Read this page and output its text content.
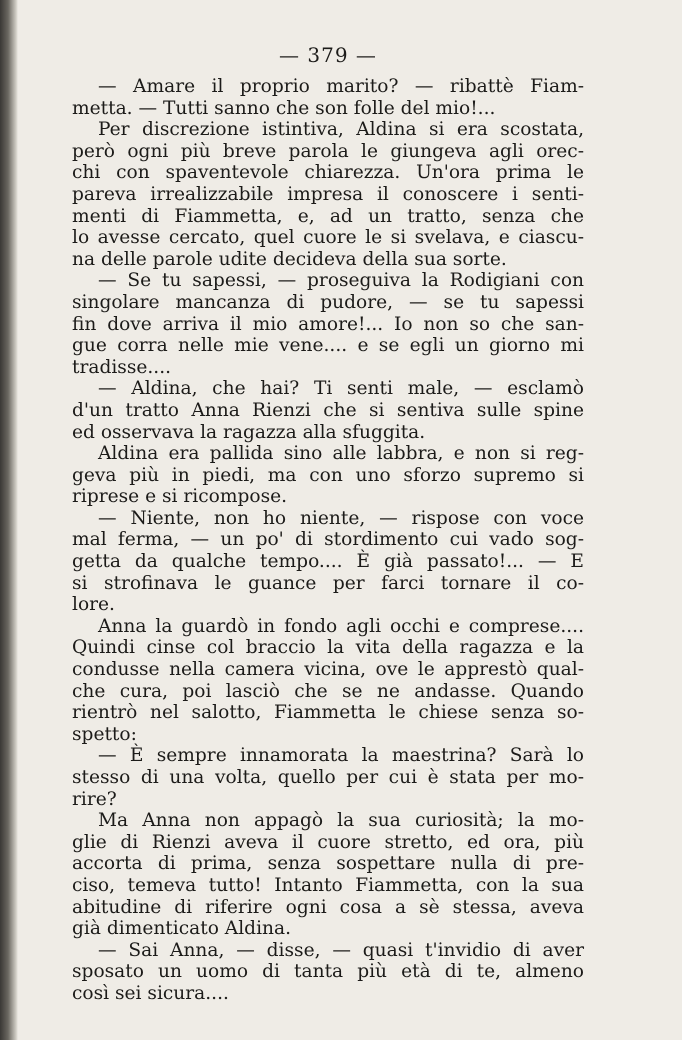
— 379 —
— Amare il proprio marito? — ribattè Fiam-
metta. — Tutti sanno che son folle del mio!...
Per discrezione istintiva, Aldina si era scostata,
però ogni più breve parola le giungeva agli orec-
chi con spaventevole chiarezza. Un'ora prima le
pareva irrealizzabile impresa il conoscere i senti-
menti di Fiammetta, e, ad un tratto, senza che
lo avesse cercato, quel cuore le si svelava, e ciascu-
na delle parole udite decideva della sua sorte.
— Se tu sapessi, — proseguiva la Rodigiani con
singolare mancanza di pudore, — se tu sapessi
fin dove arriva il mio amore!... Io non so che san-
gue corra nelle mie vene.... e se egli un giorno mi
tradisse....
— Aldina, che hai? Ti senti male, — esclamò
d'un tratto Anna Rienzi che si sentiva sulle spine
ed osservava la ragazza alla sfuggita.
Aldina era pallida sino alle labbra, e non si reg-
geva più in piedi, ma con uno sforzo supremo si
riprese e si ricompose.
— Niente, non ho niente, — rispose con voce
mal ferma, — un po' di stordimento cui vado sog-
getta da qualche tempo.... È già passato!... — E
si strofinava le guance per farci tornare il co-
lore.
Anna la guardò in fondo agli occhi e comprese....
Quindi cinse col braccio la vita della ragazza e la
condusse nella camera vicina, ove le apprestò qual-
che cura, poi lasciò che se ne andasse. Quando
rientrò nel salotto, Fiammetta le chiese senza so-
spetto:
— È sempre innamorata la maestrina? Sarà lo
stesso di una volta, quello per cui è stata per mo-
rire?
Ma Anna non appagò la sua curiosità; la mo-
glie di Rienzi aveva il cuore stretto, ed ora, più
accorta di prima, senza sospettare nulla di pre-
ciso, temeva tutto! Intanto Fiammetta, con la sua
abitudine di riferire ogni cosa a sè stessa, aveva
già dimenticato Aldina.
— Sai Anna, — disse, — quasi t'invidio di aver
sposato un uomo di tanta più età di te, almeno
così sei sicura....
